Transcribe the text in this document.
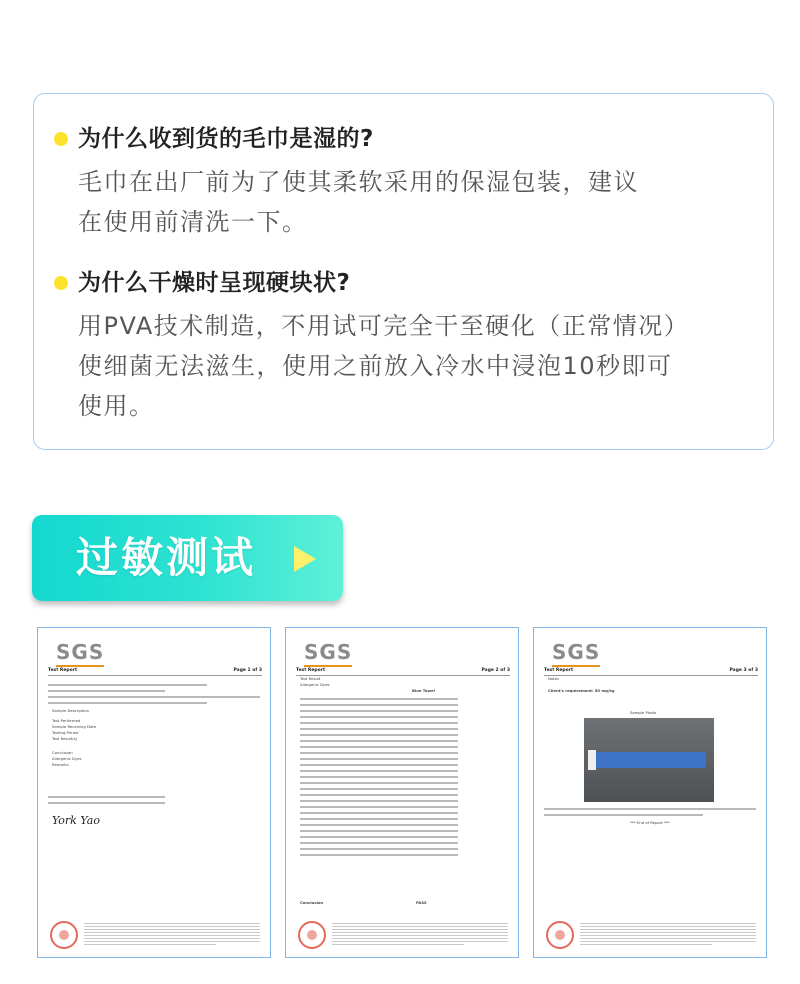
为什么收到货的毛巾是湿的?
毛巾在出厂前为了使其柔软采用的保湿包装，建议
在使用前清洗一下。
为什么干燥时呈现硬块状?
用PVA技术制造，不用试可完全干至硬化（正常情况）
使细菌无法滋生，使用之前放入冷水中浸泡10秒即可
使用。
过敏测试
SGS
Test Report	Page 1 of 3
Sample Description
Test Performed
Sample Receiving Date
Testing Period
Test Result(s)
Conclusion
Allergenic Dyes
Remarks
York Yao
SGS
Test Report	Page 2 of 3
Test Result
Allergenic Dyes
Blue Towel
Conclusion	PASS
SGS
Test Report	Page 3 of 3
Notes
Client's requirement: 50 mg/kg
Sample Photo
*** End of Report ***
